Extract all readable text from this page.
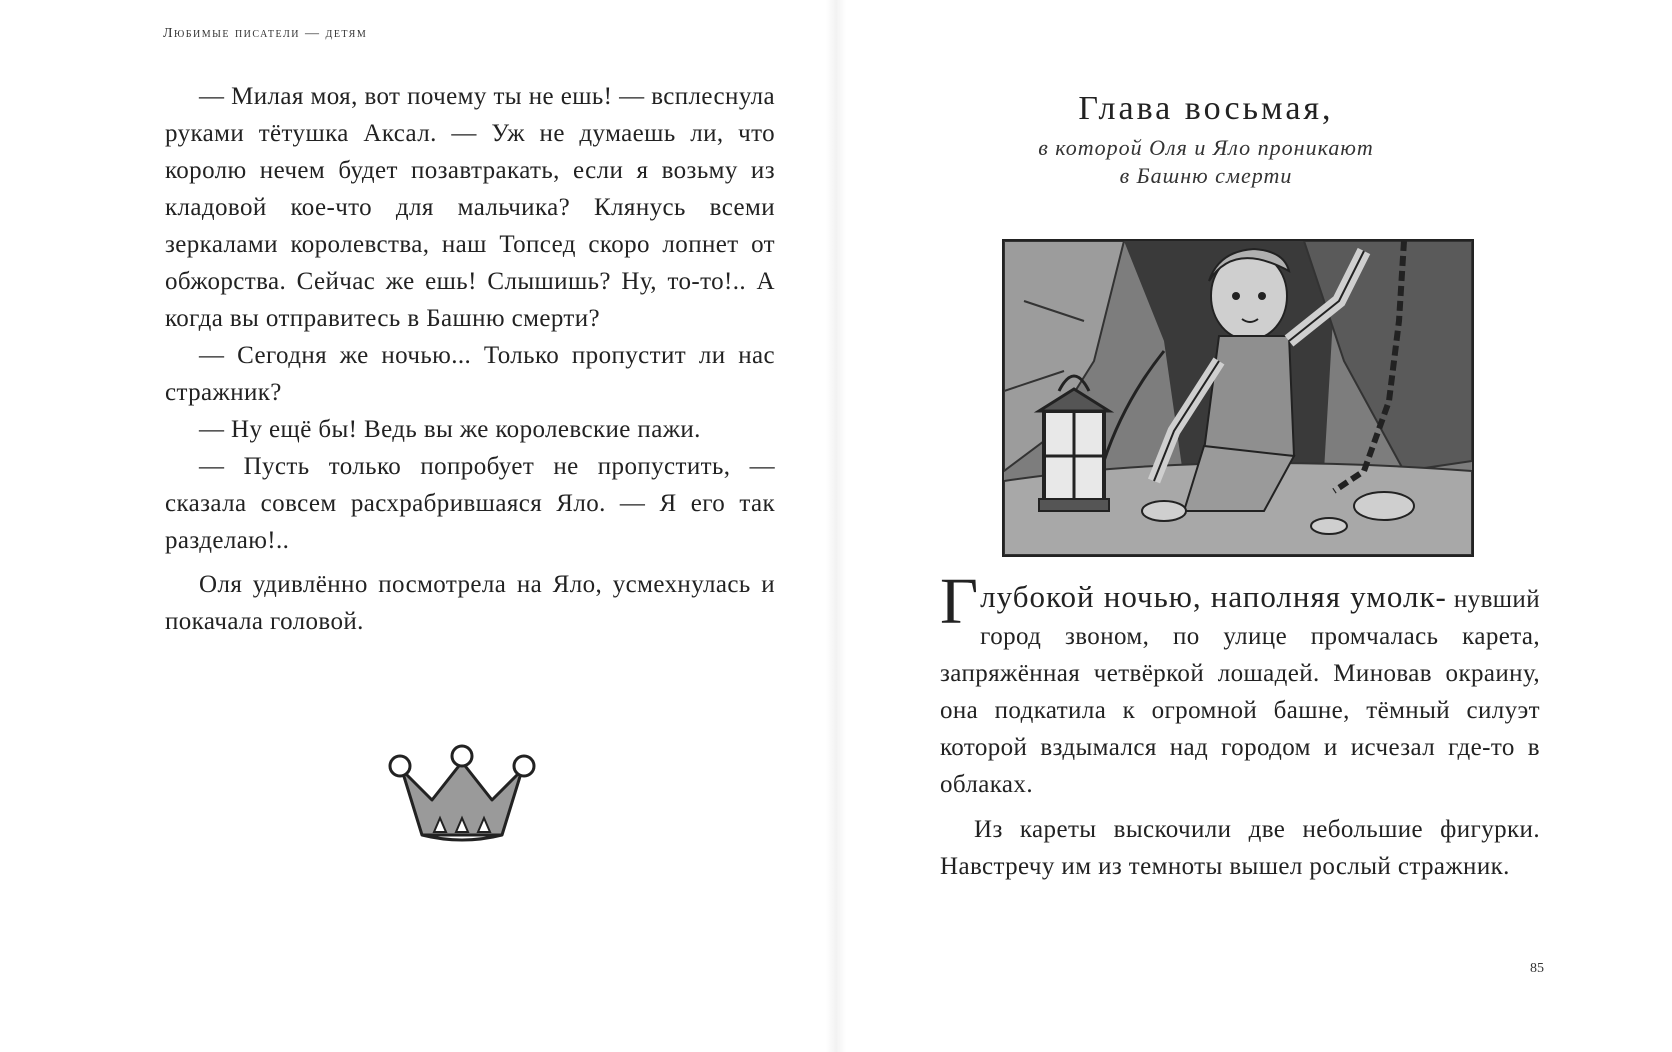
Любимые писатели — детям

— Милая моя, вот почему ты не ешь! — всплеснула руками тётушка Аксал. — Уж не думаешь ли, что королю нечем будет позавтракать, если я возьму из кладовой кое-что для мальчика? Клянусь всеми зеркалами королевства, наш Топсед скоро лопнет от обжорства. Сейчас же ешь! Слышишь? Ну, то-то!.. А когда вы отправитесь в Башню смерти?

— Сегодня же ночью... Только пропустит ли нас стражник?

— Ну ещё бы! Ведь вы же королевские пажи.

— Пусть только попробует не пропустить, — сказала совсем расхрабрившаяся Яло. — Я его так разделаю!..

Оля удивлённо посмотрела на Яло, усмехнулась и покачала головой.

Глава восьмая,
в которой Оля и Яло проникают
в Башню смерти

Глубокой ночью, наполняя умолк- нувший город звоном, по улице промчалась карета, запряжённая четвёркой лошадей. Миновав окраину, она подкатила к огромной башне, тёмный силуэт которой вздымался над городом и исчезал где-то в облаках.

Из кареты выскочили две небольшие фигурки. Навстречу им из темноты вышел рослый стражник.

85
